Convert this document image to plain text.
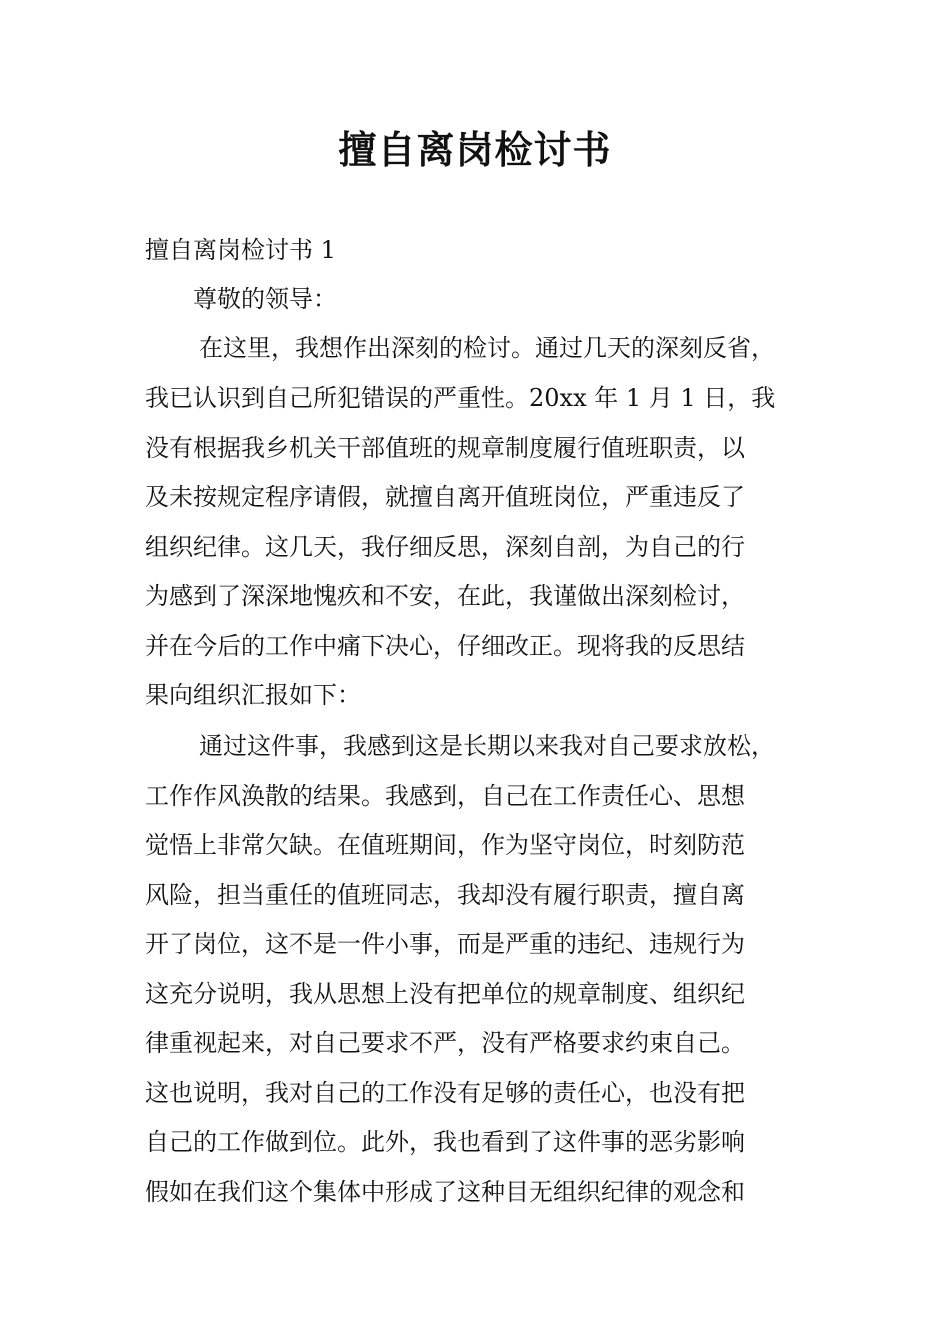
擅自离岗检讨书

擅自离岗检讨书 1

尊敬的领导：

在这里，我想作出深刻的检讨。通过几天的深刻反省，

我已认识到自己所犯错误的严重性。20xx 年 1 月 1 日，我

没有根据我乡机关干部值班的规章制度履行值班职责，以

及未按规定程序请假，就擅自离开值班岗位，严重违反了

组织纪律。这几天，我仔细反思，深刻自剖，为自己的行

为感到了深深地愧疚和不安，在此，我谨做出深刻检讨，

并在今后的工作中痛下决心，仔细改正。现将我的反思结

果向组织汇报如下：

通过这件事，我感到这是长期以来我对自己要求放松，

工作作风涣散的结果。我感到，自己在工作责任心、思想

觉悟上非常欠缺。在值班期间，作为坚守岗位，时刻防范

风险，担当重任的值班同志，我却没有履行职责，擅自离

开了岗位，这不是一件小事，而是严重的违纪、违规行为

这充分说明，我从思想上没有把单位的规章制度、组织纪

律重视起来，对自己要求不严，没有严格要求约束自己。

这也说明，我对自己的工作没有足够的责任心，也没有把

自己的工作做到位。此外，我也看到了这件事的恶劣影响

假如在我们这个集体中形成了这种目无组织纪律的观念和
